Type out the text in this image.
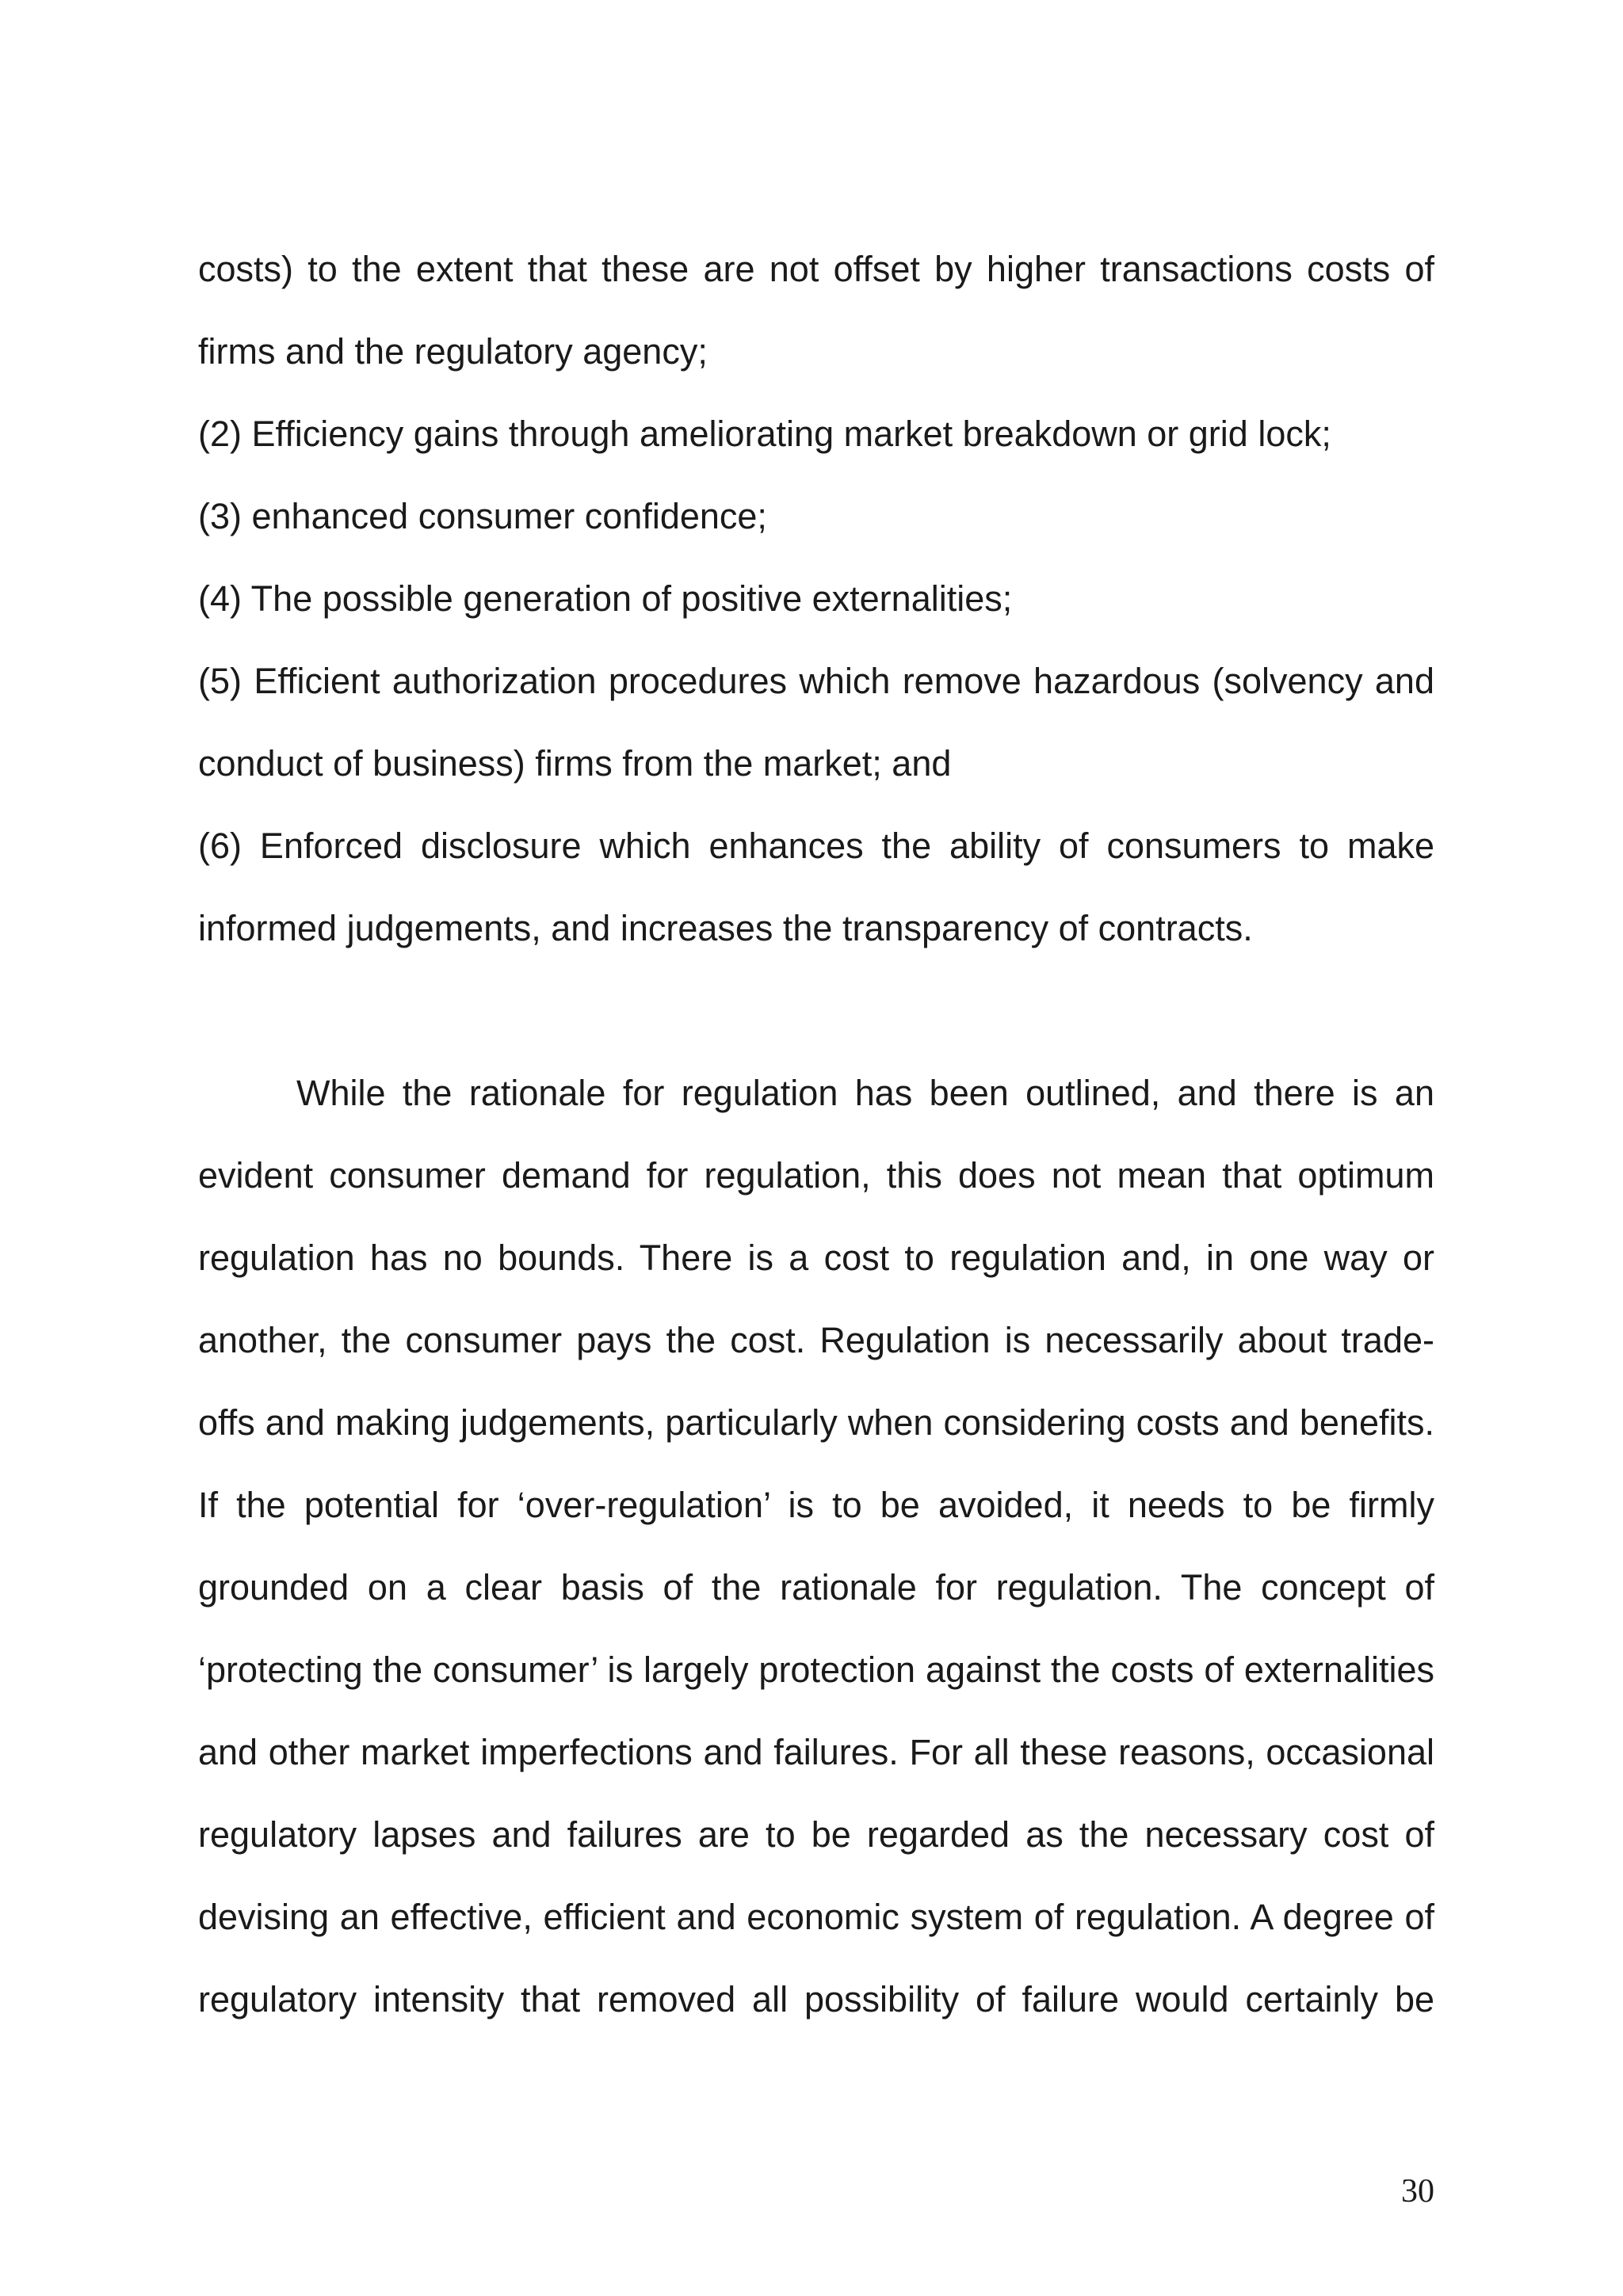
costs) to the extent that these are not offset by higher transactions costs of

firms and the regulatory agency;

(2) Efficiency gains through ameliorating market breakdown or grid lock;

(3) enhanced consumer confidence;

(4) The possible generation of positive externalities;

(5) Efficient authorization procedures which remove hazardous (solvency and

conduct of business) firms from the market; and

(6) Enforced disclosure which enhances the ability of consumers to make

informed judgements, and increases the transparency of contracts.

While the rationale for regulation has been outlined, and there is an

evident consumer demand for regulation, this does not mean that optimum

regulation has no bounds. There is a cost to regulation and, in one way or

another, the consumer pays the cost. Regulation is necessarily about trade-

offs and making judgements, particularly when considering costs and benefits.

If the potential for ‘over-regulation’ is to be avoided, it needs to be firmly

grounded on a clear basis of the rationale for regulation. The concept of

‘protecting the consumer’ is largely protection against the costs of externalities

and other market imperfections and failures. For all these reasons, occasional

regulatory lapses and failures are to be regarded as the necessary cost of

devising an effective, efficient and economic system of regulation. A degree of

regulatory intensity that removed all possibility of failure would certainly be

30
